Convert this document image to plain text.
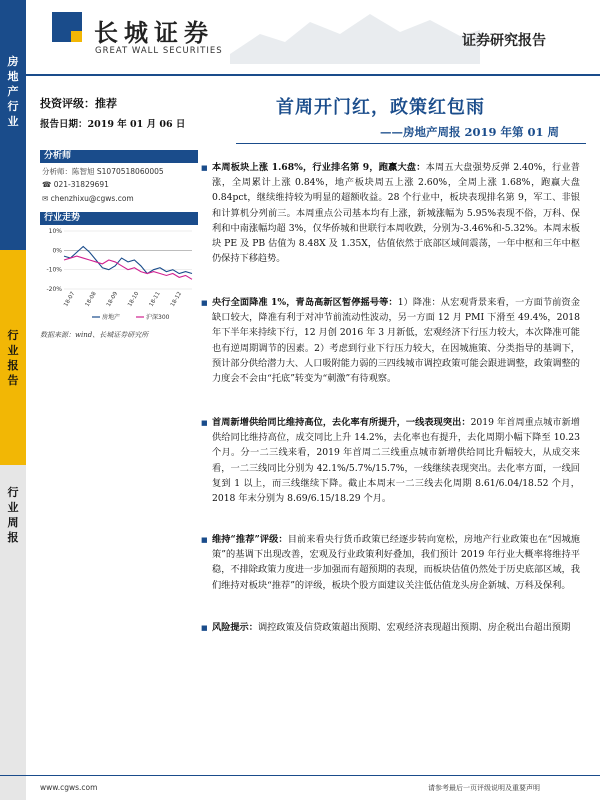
长城证券
GREAT WALL SECURITIES
证券研究报告
房
地
产
行
业
行
业
报
告
行
业
周
报
投资评级：推荐
报告日期：2019 年 01 月 06 日
分析师
分析师：陈智旭 S1070518060005
☎ 021-31829691
✉ chenzhixu@cgws.com
行业走势
10%
0%
-10%
-20%
18-07 18-08 18-09 18-10 18-11 18-12
房地产	沪深300
数据来源：wind、长城证券研究所
首周开门红，政策红包雨
——房地产周报 2019 年第 01 周
■ 本周板块上涨 1.68%，行业排名第 9，跑赢大盘：本周五大盘强势反弹 2.40%，行业普涨，全周累计上涨 0.84%，地产板块周五上涨 2.60%，全周上涨 1.68%，跑赢大盘 0.84pct，继续维持较为明显的超额收益。28 个行业中，板块表现排名第 9，军工、非银和计算机分列前三。本周重点公司基本均有上涨，新城涨幅为 5.95%表现不俗，万科、保利和中南涨幅均超 3%，仅华侨城和世联行本周收跌，分别为-3.46%和-5.32%。本周末板块 PE 及 PB 估值为 8.48X 及 1.35X，估值依然于底部区域间震荡，一年中枢和三年中枢仍保持下移趋势。
■ 央行全面降准 1%，青岛高新区暂停摇号等：1）降准：从宏观背景来看，一方面节前资金缺口较大，降准有利于对冲节前流动性波动，另一方面 12 月 PMI 下滑至 49.4%，2018 年下半年来持续下行，12 月创 2016 年 3 月新低，宏观经济下行压力较大，本次降准可能也有逆周期调节的因素。2）考虑到行业下行压力较大，在因城施策、分类指导的基调下，预计部分供给潜力大、人口吸附能力弱的三四线城市调控政策可能会跟进调整，政策调整的力度会不会由“托底”转变为“刺激”有待观察。
■ 首周新增供给同比维持高位，去化率有所提升，一线表现突出：2019 年首周重点城市新增供给同比维持高位，成交同比上升 14.2%，去化率也有提升，去化周期小幅下降至 10.23 个月。分一二三线来看，2019 年首周二三线重点城市新增供给同比升幅较大，从成交来看，一二三线同比分别为 42.1%/5.7%/15.7%，一线继续表现突出。去化率方面，一线回复到 1 以上，而三线继续下降。截止本周末一二三线去化周期 8.61/6.04/18.52 个月，2018 年末分别为 8.69/6.15/18.29 个月。
■ 维持“推荐”评级：目前来看央行货币政策已经逐步转向宽松，房地产行业政策也在“因城施策”的基调下出现改善，宏观及行业政策利好叠加，我们预计 2019 年行业大概率将维持平稳，不排除政策力度进一步加强而有超预期的表现，而板块估值仍然处于历史底部区域，我们维持对板块“推荐”的评级，板块个股方面建议关注低估值龙头房企新城、万科及保利。
■ 风险提示：调控政策及信贷政策超出预期、宏观经济表现超出预期、房企税出台超出预期
www.cgws.com	请参考最后一页评级说明及重要声明
